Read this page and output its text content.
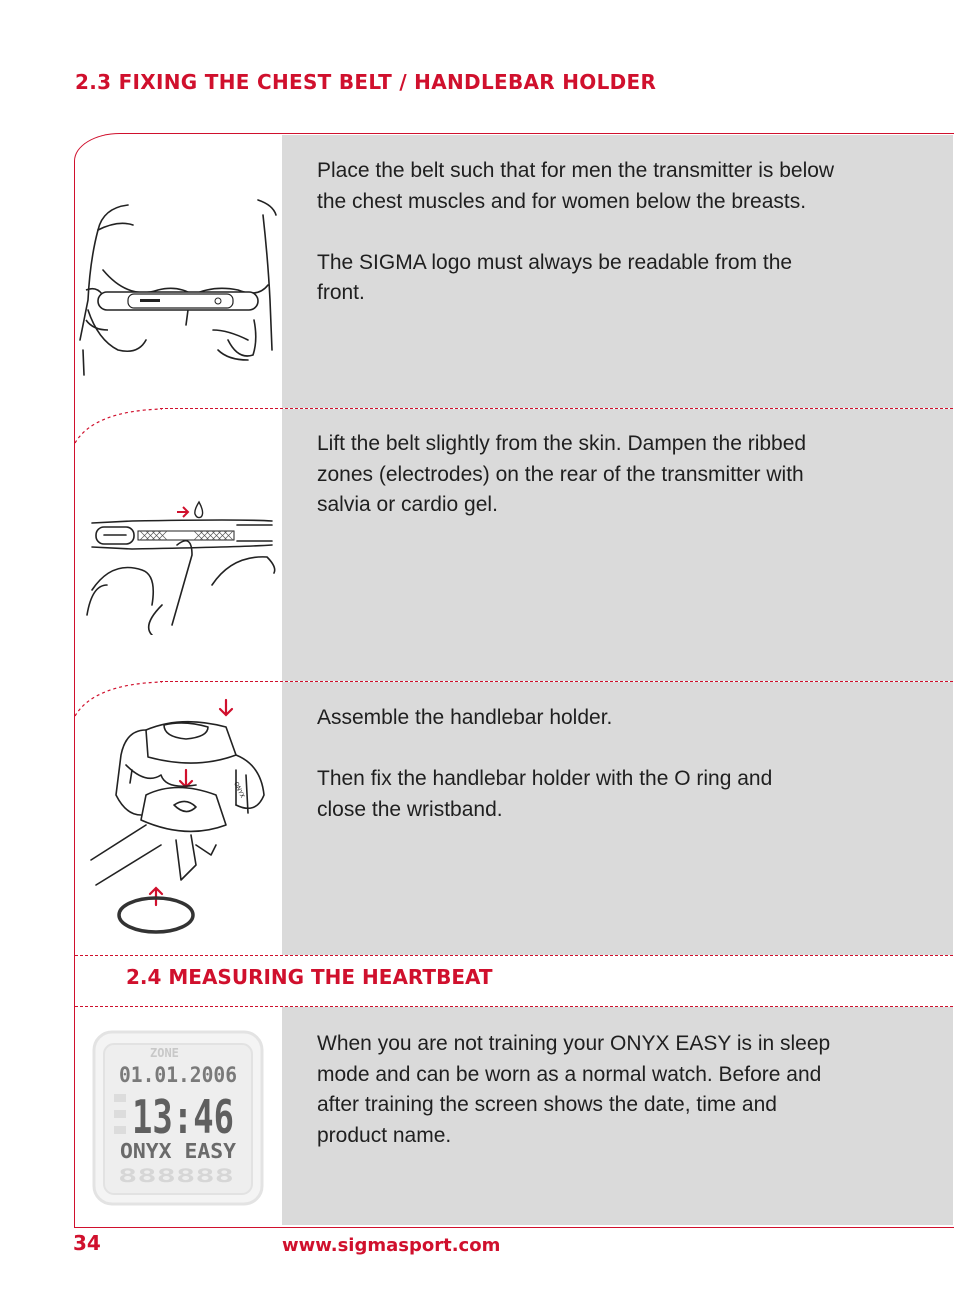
2.3 FIXING THE CHEST BELT / HANDLEBAR HOLDER

Place the belt such that for men the transmitter is below the chest muscles and for women below the breasts.

The SIGMA logo must always be readable from the front.

Lift the belt slightly from the skin. Dampen the ribbed zones (electrodes) on the rear of the transmitter with salvia or cardio gel.

Assemble the handlebar holder.

Then fix the handlebar holder with the O ring and close the wristband.

ONYX
2.4 MEASURING THE HEARTBEAT

When you are not training your ONYX EASY is in sleep mode and can be worn as a normal watch. Before and after training the screen shows the date, time and product name.

ZONE
01.01.2006
13:46
ONYX EASY
888888
34	www.sigmasport.com
